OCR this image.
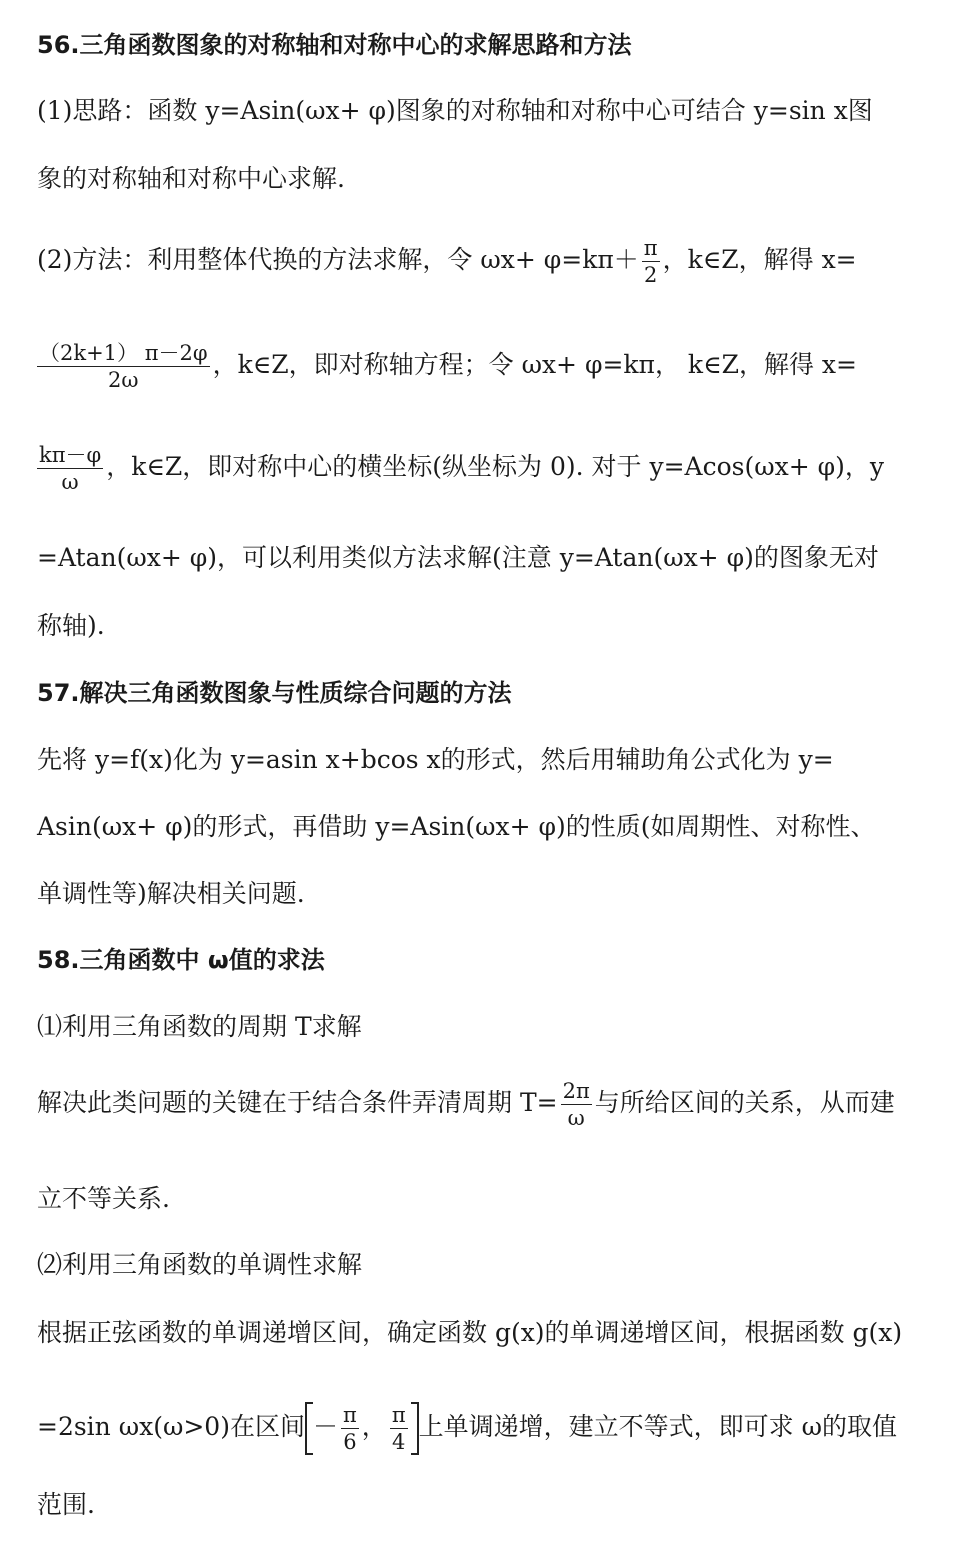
56.三角函数图象的对称轴和对称中心的求解思路和方法
(1)思路：函数 y=Asin(ωx+ φ)图象的对称轴和对称中心可结合 y=sin x图
象的对称轴和对称中心求解.
(2)方法：利用整体代换的方法求解，令 $\omega x+ \varphi=k\pi+ \frac{\pi}{2}$ ，k∈Z，解得 x=
$\frac{(2k+1) \pi-2\varphi}{2\omega}$ ，k∈Z，即对称轴方程；令 ωx+ φ=kπ， k∈Z，解得 x=
$\frac{k\pi-\varphi}{\omega}$ ，k∈Z，即对称中心的横坐标(纵坐标为 0). 对于 y=Acos(ωx+ φ)，y
=Atan(ωx+ φ)，可以利用类似方法求解(注意 y=Atan(ωx+ φ)的图象无对
称轴).
57.解决三角函数图象与性质综合问题的方法
先将 y=f(x)化为 y=asin x+bcos x的形式，然后用辅助角公式化为 y=
Asin(ωx+ φ)的形式，再借助 y=Asin(ωx+ φ)的性质(如周期性、对称性、
单调性等)解决相关问题.
58.三角函数中 ω值的求法
⑴利用三角函数的周期 T求解
解决此类问题的关键在于结合条件弄清周期 $T= \frac{2\pi}{\omega}$ 与所给区间的关系，从而建
立不等关系.
⑵利用三角函数的单调性求解
根据正弦函数的单调递增区间，确定函数 g(x)的单调递增区间，根据函数 g(x)
=2sin ωx(ω>0)在区间 － $\frac{\pi}{6}$ ， $\frac{\pi}{4}$ 上单调递增，建立不等式，即可求 ω的取值
范围.
